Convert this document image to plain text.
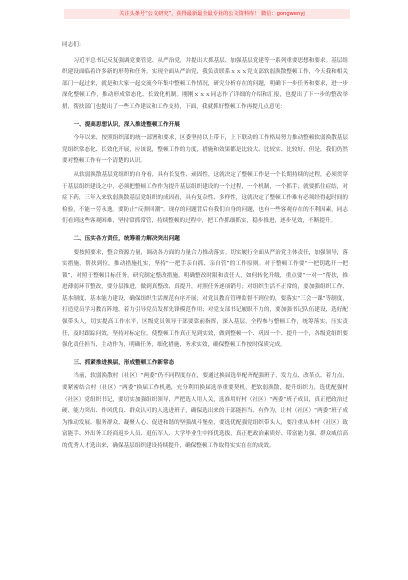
关注头条号“公文研究”，获得最新最全最专业的公文资料库！ 微信：gongwenyj

同志们：

习近平总书记反复强调党要管党、从严治党，并提出大抓基层、加强基层党建等一系列重要思想和要求。基层组织建设面临着许多新的形势和任务，实现全面从严治党，我负责联系ｘｘｘ党支部软弱涣散整顿工作，今天我和相关部门一起过来，就是和大家一起交流今年集中整顿工作情况，研究分析存在的问题，明确下一步任务和要求，进一步深化整顿工作，推动形成常态化、长效化机制。刚刚ｘｘｘ同志作了详细的介绍和汇报，也提出了下一步的整改举措，帮扶部门也提出了一些工作建议和工作支持，下面，我就抓好整顿工作再提几点意见：

一、提高思想认识，深入推进整顿工作开展

今年以来，按照组织部的统一部署和要求，区委坚持以上带下，上下联动的工作格局努力推动整顿软弱涣散基层党组织常态化、长效化开展，应该说，整顿工作的力度，措施和效果都是比较大、比较实、比较好，但是，我们仍然要对整顿工作有一个清楚的认识。

从软弱涣散基层党组织的自身看，具有长复性、顽固性，这就决定了整顿工作是一个长期持续的过程，必须贯穿于基层组织建设之中，必须把整顿工作作为提升基层组织建设的一个过程，一个机制，一个抓手；就要抓住症结，对症下药，三年入来软弱涣散基层党组织的成因看，具有复杂性、多样性，这就决定了整顿工作难有必须经得起时间的检验，不能一劳永逸。要防止“反弹回潮”。现存的问题背后有我们自身的问题，也有一些客观存在的不利因素，同志们看到这些客观困难，坚持常抓常管，持续整顿的过程中，把工作抓细抓实，稳步推进，逐步见效，不断提升。

二、压实各方责任，统筹着力解决突出问题

要按照要求，整合资源力量，调动各方面的力量合力推动落实。切实履行全面从严治党主体责任，加强领导，落实措施，帮扶到位，推动措施扎实，坚持“一把手亲自抓、亲自管”的工作原则。对于整顿工作要“一把钥匙开一把锁”，对照于整顿目标任务，研究制定整改措施，明确整改时限和责任人，如何转化升级，重点要“一对一”帮扶，推进薄弱环节整改，要分层推进，做到真整改、真提升，对照任务逐项销号；对组织生活不正常的，要加强组织工作、基本制度、基本能力建设，确保组织生活规范有序开展；对党员教育管理监督不到位的，要落实“三会一课”等制度，打造党员学习教育阵地，着力引导党员发挥先锋模范作用；对党支部书记履职不力的，要加强书记队伍建设，选好配强带头人，切实提高工作水平，区级党员领导干部要靠前指挥，深入基层，全程参与整顿工作，统筹落实，压实责任，及时跟踪问效，坚持对标定位，使整顿工作真正见到实效，做到整顿一个、巩固一个、提升一个，各级党组织要强化责任担当，主动作为，明确任务，细化措施，务求实效，确保整顿工作按时保质完成。

三、抓紧推进换届，形成整顿工作新常态

当前，软弱涣散村（社区）“两委”仍不同程度存在，要通过换届选举配齐配强班子，发力点、改革点、着力点，要紧密结合村（社区）“两委”换届工作机遇，充分利用换届选举重要契机，把软弱涣散，提升组织力，选优配强村（社区）党组织书记，要切实加强组织领导，严把选人用人关，选准用好村（社区）“两委”班子成员，真正把政治过硬、能力突出、作风优良、群众认可的人选进班子，确保选出来的干部能担当、有作为，让村（社区）“两委”班子成为推动发展、服务群众、凝聚人心、促进和谐的坚强战斗堡垒，要选优配强党组织带头人，要注重从本村（社区）致富能手、外出务工经商返乡人员、退伍军人、大学毕业生中择优选拔，真正把政治素质好、带富能力强、群众威信高的优秀人才选出来，确保基层组织建设持续提升，确保整顿工作取得实实在在的成效。
